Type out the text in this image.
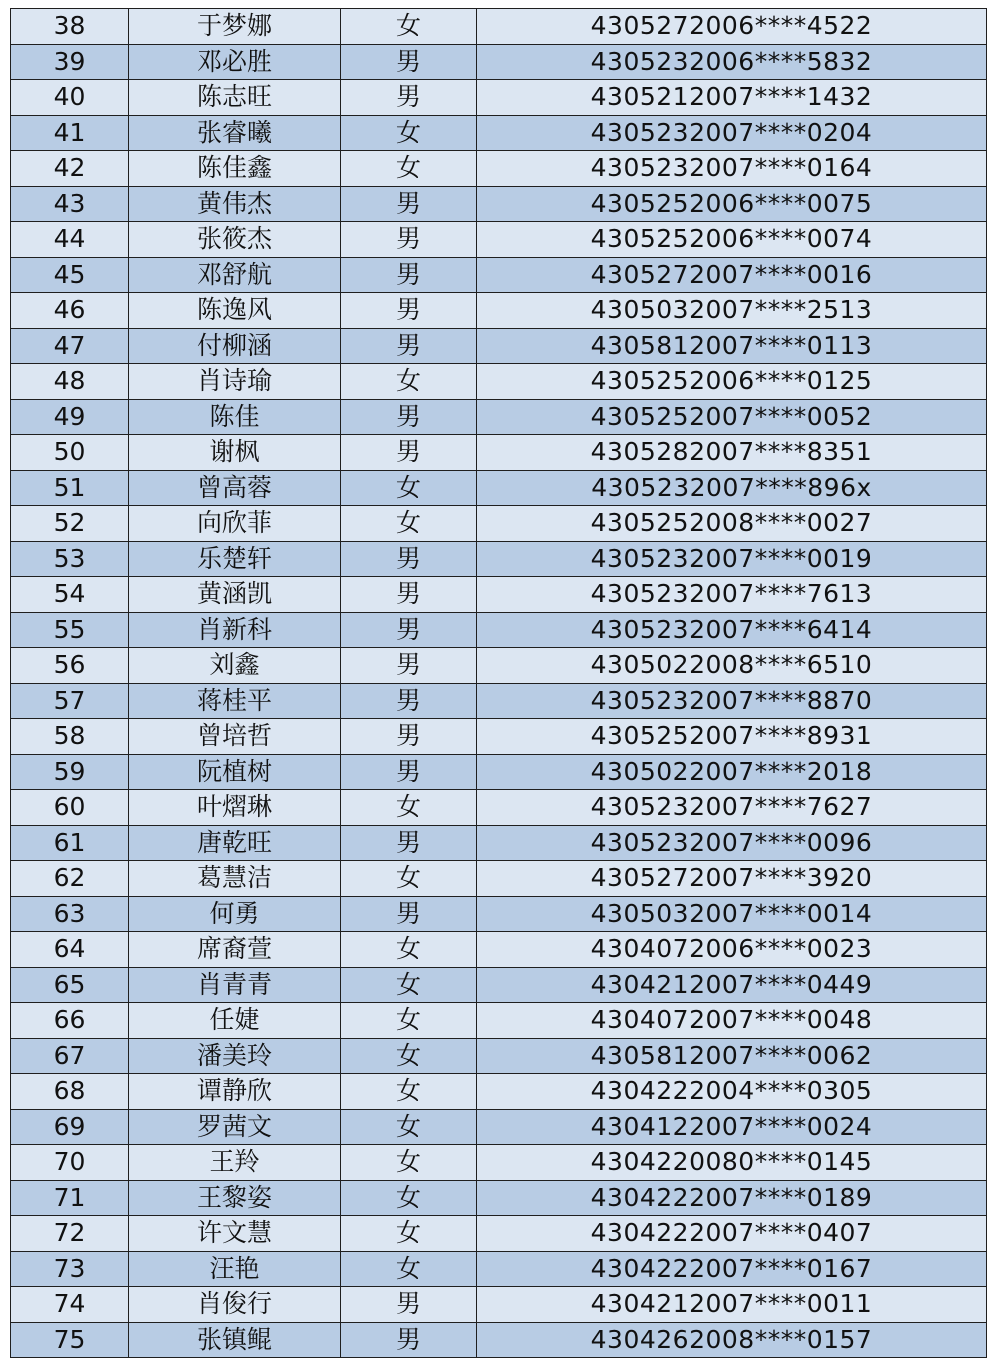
38	于梦娜	女	4305272006****4522
39	邓必胜	男	4305232006****5832
40	陈志旺	男	4305212007****1432
41	张睿曦	女	4305232007****0204
42	陈佳鑫	女	4305232007****0164
43	黄伟杰	男	4305252006****0075
44	张筱杰	男	4305252006****0074
45	邓舒航	男	4305272007****0016
46	陈逸风	男	4305032007****2513
47	付柳涵	男	4305812007****0113
48	肖诗瑜	女	4305252006****0125
49	陈佳	男	4305252007****0052
50	谢枫	男	4305282007****8351
51	曾高蓉	女	4305232007****896x
52	向欣菲	女	4305252008****0027
53	乐楚轩	男	4305232007****0019
54	黄涵凯	男	4305232007****7613
55	肖新科	男	4305232007****6414
56	刘鑫	男	4305022008****6510
57	蒋桂平	男	4305232007****8870
58	曾培哲	男	4305252007****8931
59	阮植树	男	4305022007****2018
60	叶熠琳	女	4305232007****7627
61	唐乾旺	男	4305232007****0096
62	葛慧洁	女	4305272007****3920
63	何勇	男	4305032007****0014
64	席裔萱	女	4304072006****0023
65	肖青青	女	4304212007****0449
66	任婕	女	4304072007****0048
67	潘美玲	女	4305812007****0062
68	谭静欣	女	4304222004****0305
69	罗茜文	女	4304122007****0024
70	王羚	女	4304220080****0145
71	王黎姿	女	4304222007****0189
72	许文慧	女	4304222007****0407
73	汪艳	女	4304222007****0167
74	肖俊行	男	4304212007****0011
75	张镇鲲	男	4304262008****0157
